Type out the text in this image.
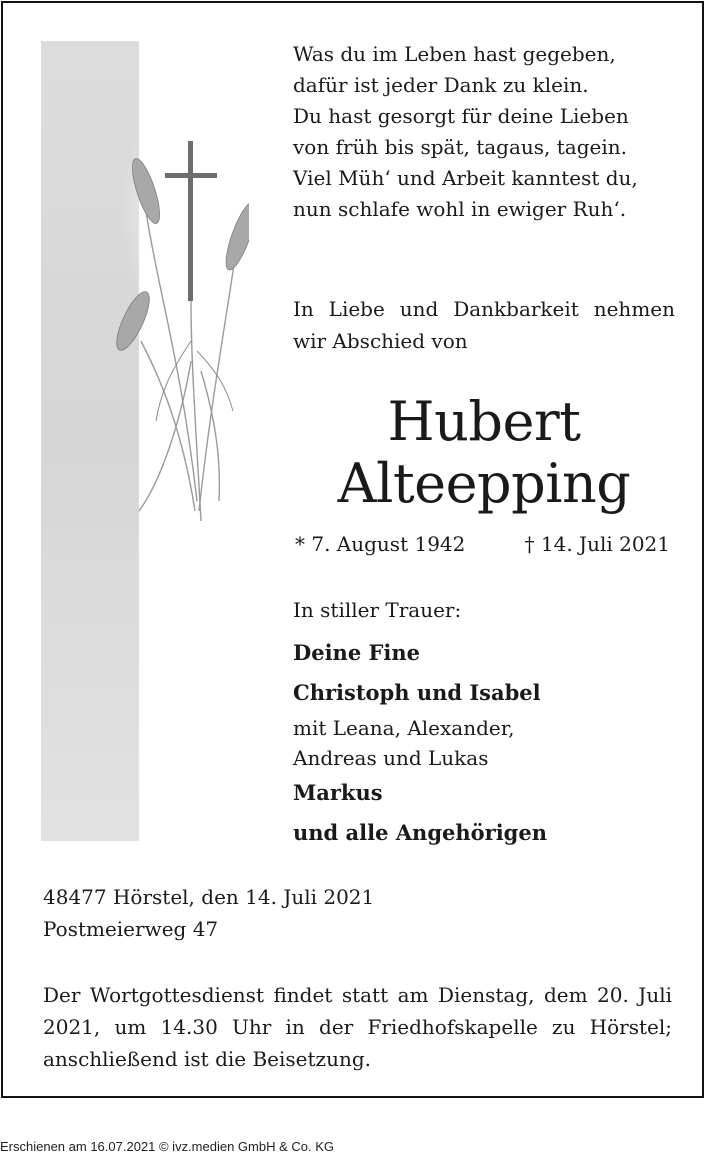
Was du im Leben hast gegeben,
dafür ist jeder Dank zu klein.
Du hast gesorgt für deine Lieben
von früh bis spät, tagaus, tagein.
Viel Müh‘ und Arbeit kanntest du,
nun schlafe wohl in ewiger Ruh‘.
In Liebe und Dankbarkeit nehmen
wir Abschied von
Hubert
Alteepping
* 7. August 1942	† 14. Juli 2021
In stiller Trauer:
Deine Fine
Christoph und Isabel
mit Leana, Alexander,
Andreas und Lukas
Markus
und alle Angehörigen
48477 Hörstel, den 14. Juli 2021
Postmeierweg 47
Der Wortgottesdienst findet statt am Dienstag, dem 20. Juli 2021, um 14.30 Uhr in der Friedhofskapelle zu Hörstel; anschließend ist die Beisetzung.
Erschienen am 16.07.2021 © ivz.medien GmbH & Co. KG
